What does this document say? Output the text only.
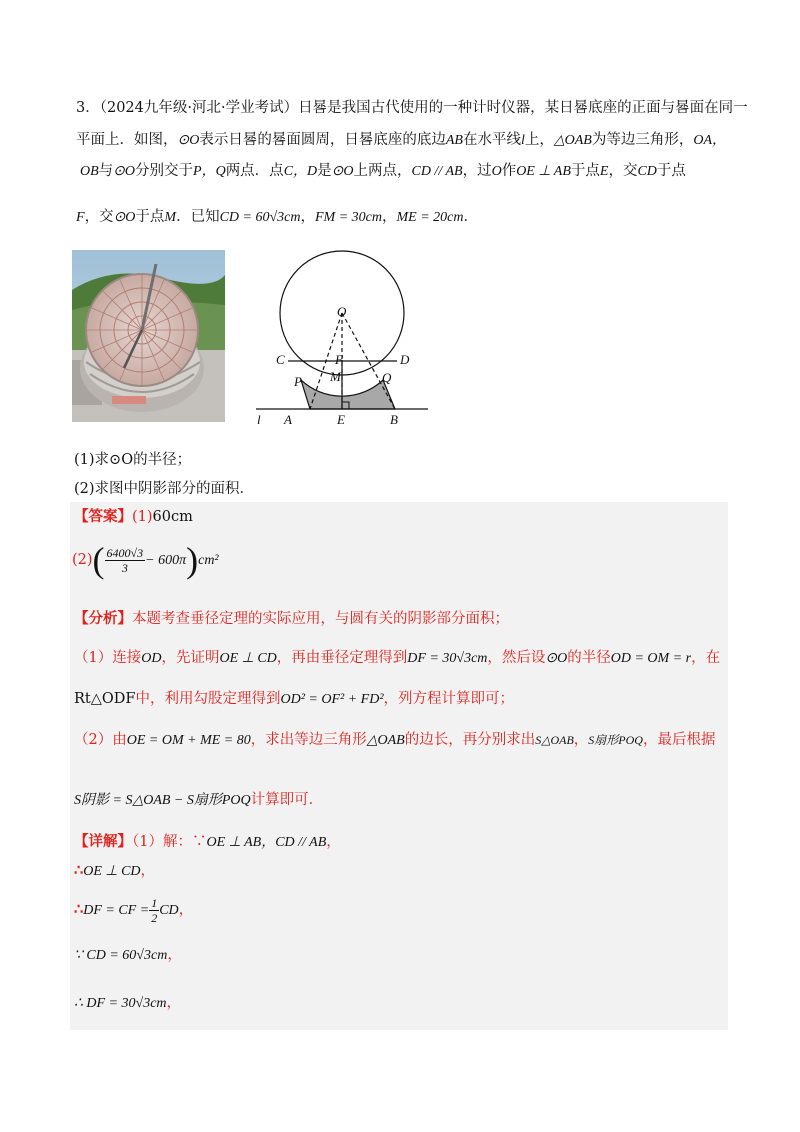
3．（2024九年级·河北·学业考试）日晷是我国古代使用的一种计时仪器，某日晷底座的正面与晷面在同一
平面上．如图，⊙O表示日晷的晷面圆周，日晷底座的底边AB在水平线l上，△OAB为等边三角形，OA，
OB与⊙O分别交于P，Q两点．点C，D是⊙O上两点，CD // AB，过O作OE ⊥ AB于点E，交CD于点
F，交⊙O于点M．已知CD = 60√3cm，FM = 30cm，ME = 20cm．
O
C	D
F
M
P	Q
l A	E	B
(1)求⊙O的半径；
(2)求图中阴影部分的面积．
【答案】(1)60cm
$(2)( \frac{6400√3}{3} - 600\pi)cm^2$
【分析】本题考查垂径定理的实际应用，与圆有关的阴影部分面积；
（1）连接OD，先证明OE ⊥ CD，再由垂径定理得到DF = 30√3cm，然后设⊙O的半径OD = OM = r，在
Rt△ODF中，利用勾股定理得到OD² = OF² + FD²，列方程计算即可；
（2）由OE = OM + ME = 80，求出等边三角形△OAB的边长，再分别求出S△OAB，S扇形POQ，最后根据
S阴影 = S△OAB − S扇形POQ计算即可．
【详解】（1）解：∵OE ⊥ AB，CD // AB，
∴OE ⊥ CD，
∴DF = CF = $\frac{1}{2}$ CD，
∵ CD = 60√3cm，
∴ DF = 30√3cm，
